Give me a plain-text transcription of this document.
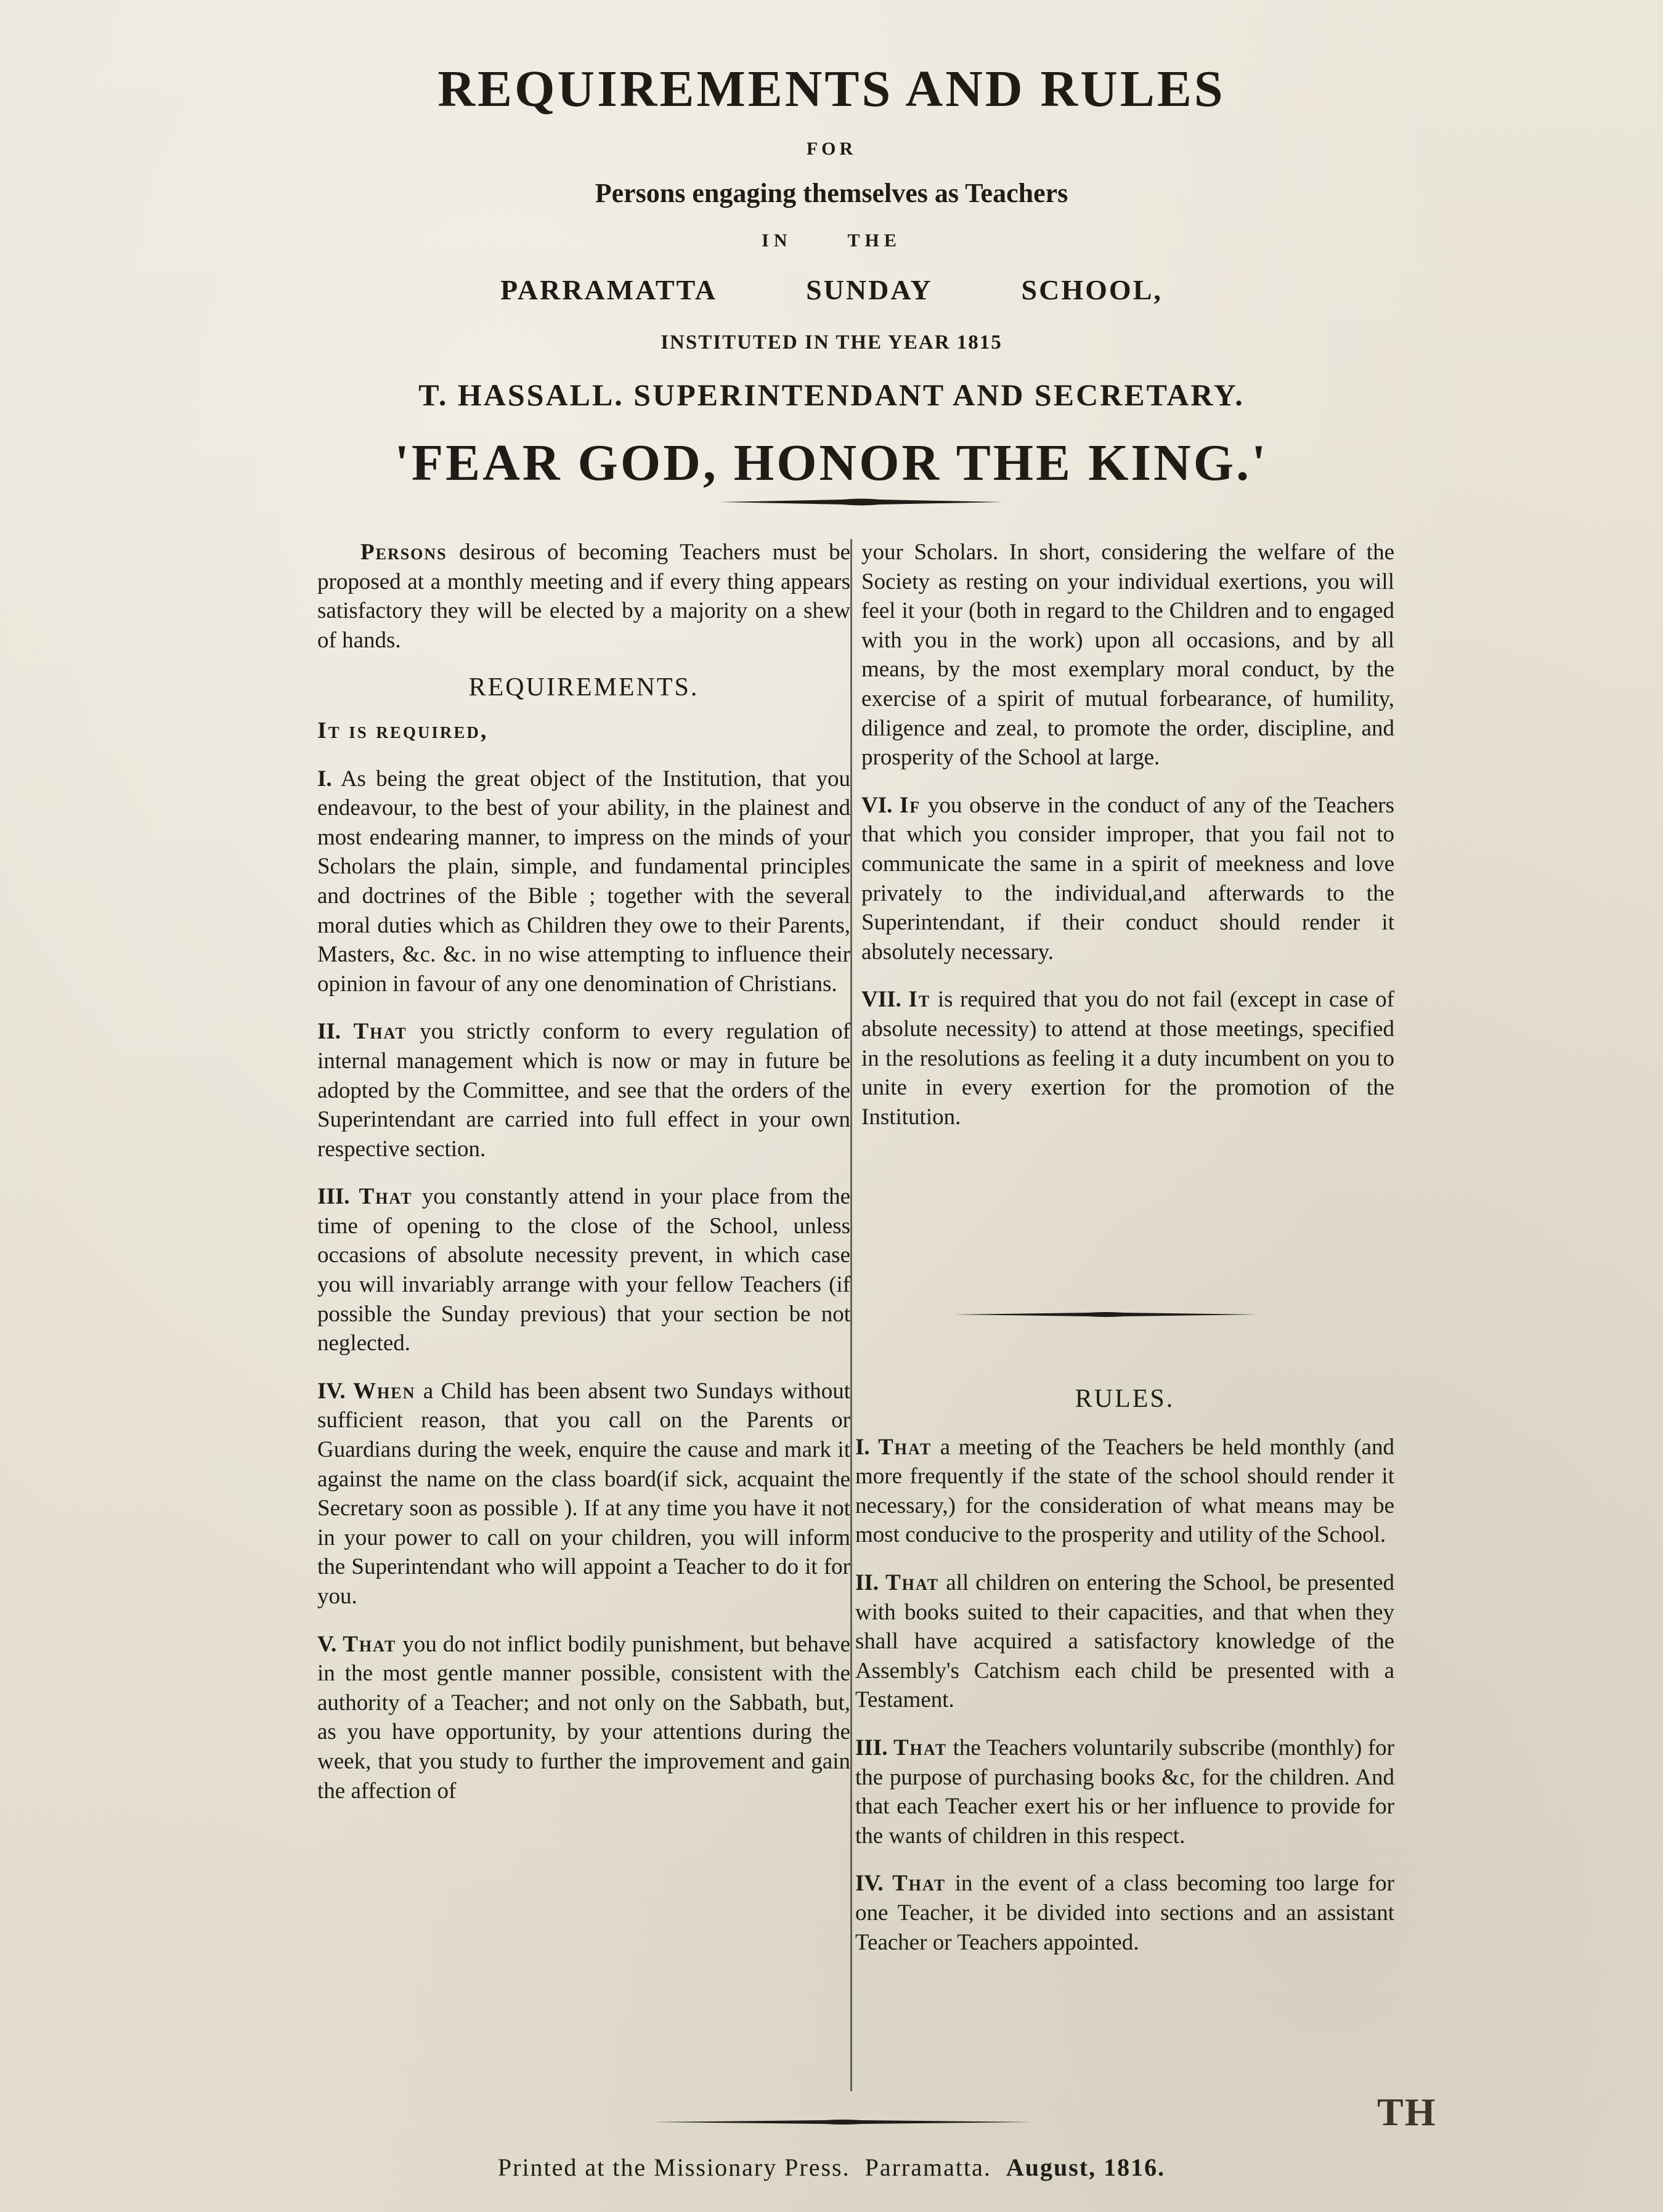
REQUIREMENTS AND RULES
FOR
Persons engaging themselves as Teachers
IN	THE
PARRAMATTA	SUNDAY	SCHOOL,
INSTITUTED IN THE YEAR 1815
T. HASSALL. SUPERINTENDANT AND SECRETARY.
'FEAR GOD, HONOR THE KING.'

Persons desirous of becoming Teachers must be proposed at a monthly meeting and if every thing appears satisfactory they will be elected by a majority on a shew of hands.

REQUIREMENTS.

It is required,

I. As being the great object of the Institution, that you endeavour, to the best of your ability, in the plainest and most endearing manner, to impress on the minds of your Scholars the plain, simple, and fundamental principles and doctrines of the Bible ; together with the several moral duties which as Children they owe to their Parents, Masters, &c. &c. in no wise attempting to influence their opinion in favour of any one denomination of Christians.

II. That you strictly conform to every regulation of internal management which is now or may in future be adopted by the Committee, and see that the orders of the Superintendant are carried into full effect in your own respective section.

III. That you constantly attend in your place from the time of opening to the close of the School, unless occasions of absolute necessity prevent, in which case you will invariably arrange with your fellow Teachers (if possible the Sunday previous) that your section be not neglected.

IV. When a Child has been absent two Sundays without sufficient reason, that you call on the Parents or Guardians during the week, enquire the cause and mark it against the name on the class board(if sick, acquaint the Secretary soon as possible ). If at any time you have it not in your power to call on your children, you will inform the Superintendant who will appoint a Teacher to do it for you.

V. That you do not inflict bodily punishment, but behave in the most gentle manner possible, consistent with the authority of a Teacher; and not only on the Sabbath, but, as you have opportunity, by your attentions during the week, that you study to further the improvement and gain the affection of

your Scholars. In short, considering the welfare of the Society as resting on your individual exertions, you will feel it your (both in regard to the Children and to engaged with you in the work) upon all occasions, and by all means, by the most exemplary moral conduct, by the exercise of a spirit of mutual forbearance, of humility, diligence and zeal, to promote the order, discipline, and prosperity of the School at large.

VI. If you observe in the conduct of any of the Teachers that which you consider improper, that you fail not to communicate the same in a spirit of meekness and love privately to the individual,and afterwards to the Superintendant, if their conduct should render it absolutely necessary.

VII. It is required that you do not fail (except in case of absolute necessity) to attend at those meetings, specified in the resolutions as feeling it a duty incumbent on you to unite in every exertion for the promotion of the Institution.

RULES.

I. That a meeting of the Teachers be held monthly (and more frequently if the state of the school should render it necessary,) for the consideration of what means may be most conducive to the prosperity and utility of the School.

II. That all children on entering the School, be presented with books suited to their capacities, and that when they shall have acquired a satisfactory knowledge of the Assembly's Catchism each child be presented with a Testament.

III. That the Teachers voluntarily subscribe (monthly) for the purpose of purchasing books &c, for the children. And that each Teacher exert his or her influence to provide for the wants of children in this respect.

IV. That in the event of a class becoming too large for one Teacher, it be divided into sections and an assistant Teacher or Teachers appointed.

TH
Printed at the Missionary Press. Parramatta. August, 1816.
